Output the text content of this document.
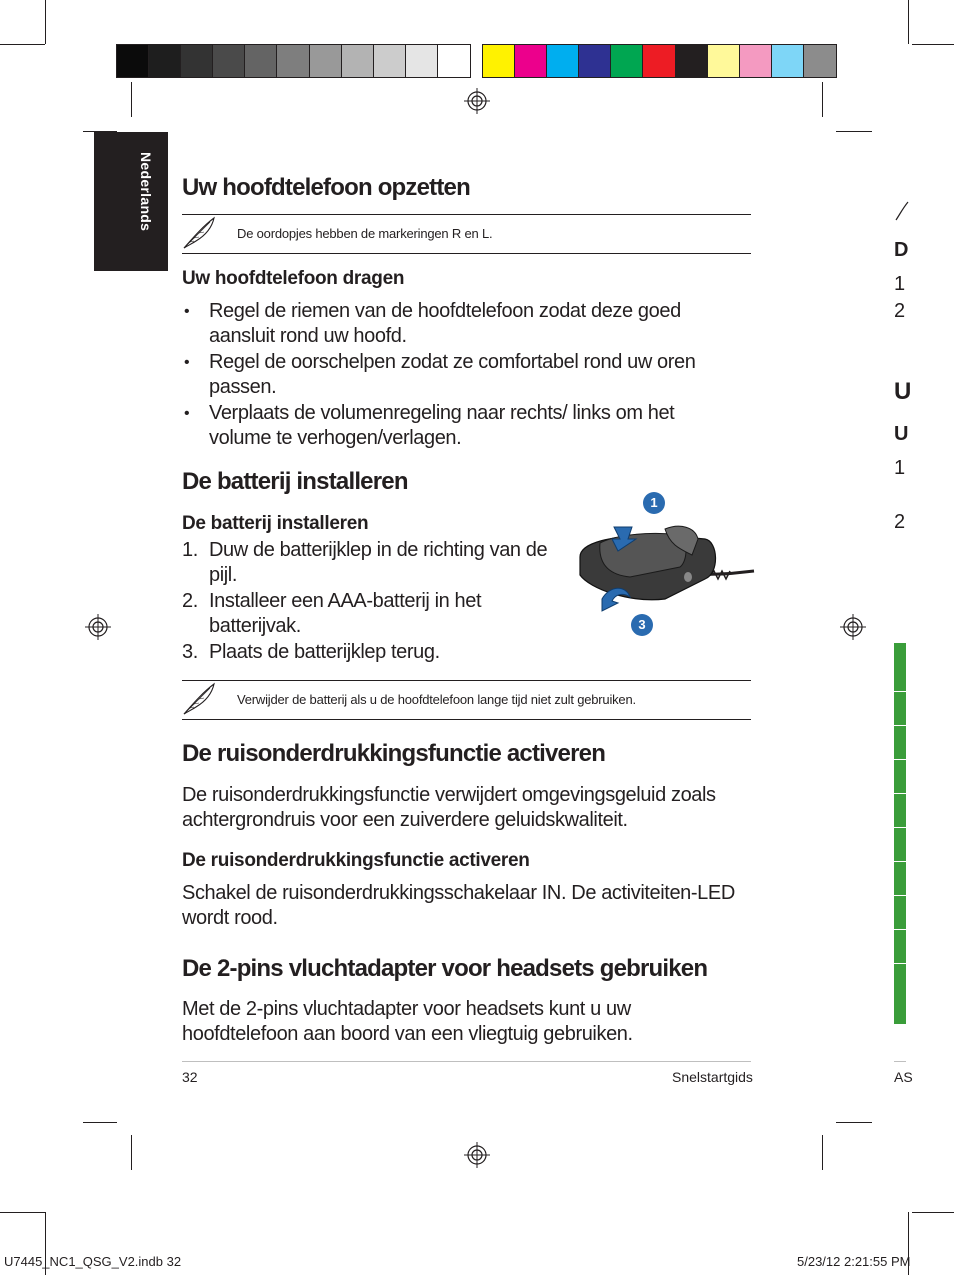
Nederlands Uw hoofdtelefoon opzetten
De oordopjes hebben de markeringen R en L.
Uw hoofdtelefoon dragen
• Regel de riemen van de hoofdtelefoon zodat deze goed aansluit rond uw hoofd.
• Regel de oorschelpen zodat ze comfortabel rond uw oren passen.
• Verplaats de volumenregeling naar rechts/ links om het volume te verhogen/verlagen.
De batterij installeren
De batterij installeren
1. Duw de batterijklep in de richting van de pijl.
2. Installeer een AAA-batterij in het batterijvak.
3. Plaats de batterijklep terug.
1
3
Verwijder de batterij als u de hoofdtelefoon lange tijd niet zult gebruiken.
De ruisonderdrukkingsfunctie activeren
De ruisonderdrukkingsfunctie verwijdert omgevingsgeluid zoals achtergrondruis voor een zuiverdere geluidskwaliteit.
De ruisonderdrukkingsfunctie activeren
Schakel de ruisonderdrukkingsschakelaar IN. De activiteiten-LED wordt rood.
De 2-pins vluchtadapter voor headsets gebruiken
Met de 2-pins vluchtadapter voor headsets kunt u uw hoofdtelefoon aan boord van een vliegtuig gebruiken.
32	Snelstartgids
D
1
2
U
U
1
2
AS
U7445_NC1_QSG_V2.indb 32	5/23/12 2:21:55 PM
